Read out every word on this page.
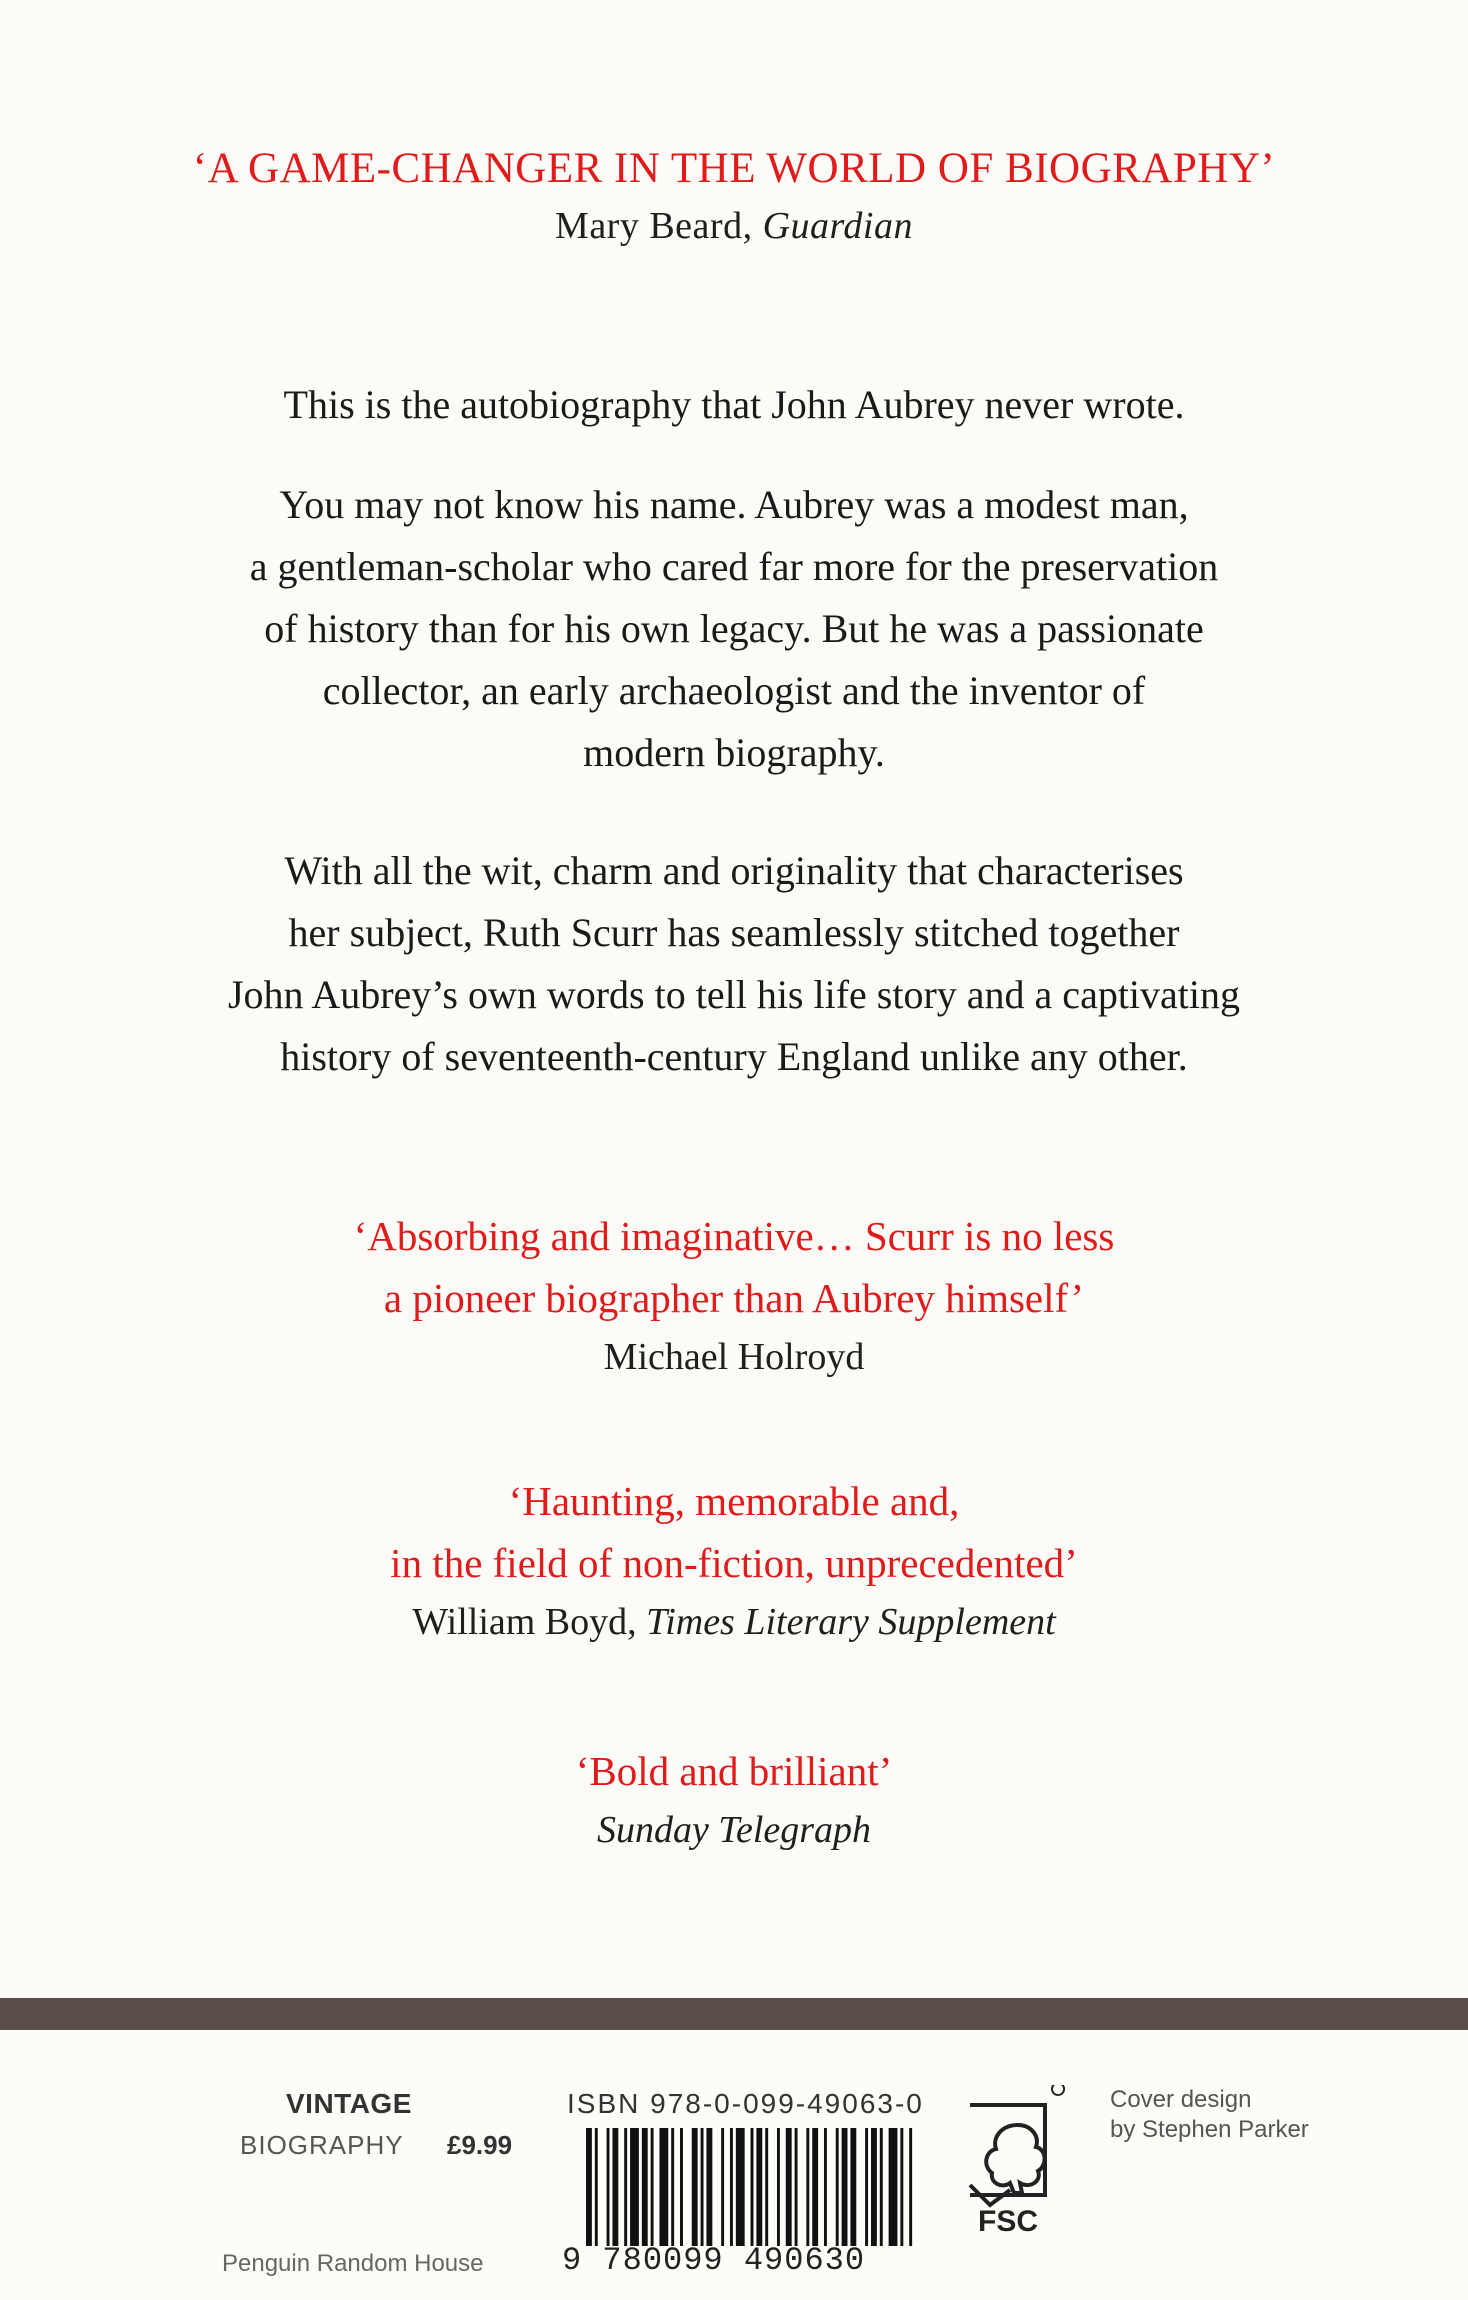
‘A GAME-CHANGER IN THE WORLD OF BIOGRAPHY’
Mary Beard, Guardian

This is the autobiography that John Aubrey never wrote.

You may not know his name. Aubrey was a modest man,
a gentleman-scholar who cared far more for the preservation
of history than for his own legacy. But he was a passionate
collector, an early archaeologist and the inventor of
modern biography.
With all the wit, charm and originality that characterises
her subject, Ruth Scurr has seamlessly stitched together
John Aubrey’s own words to tell his life story and a captivating
history of seventeenth-century England unlike any other.
‘Absorbing and imaginative… Scurr is no less
a pioneer biographer than Aubrey himself’
Michael Holroyd
‘Haunting, memorable and,
in the field of non-fiction, unprecedented’
William Boyd, Times Literary Supplement
‘Bold and brilliant’
Sunday Telegraph
VINTAGE
BIOGRAPHY £9.99
Penguin Random House
ISBN 978-0-099-49063-0
9 780099 490630
FSC
Cover design
by Stephen Parker
